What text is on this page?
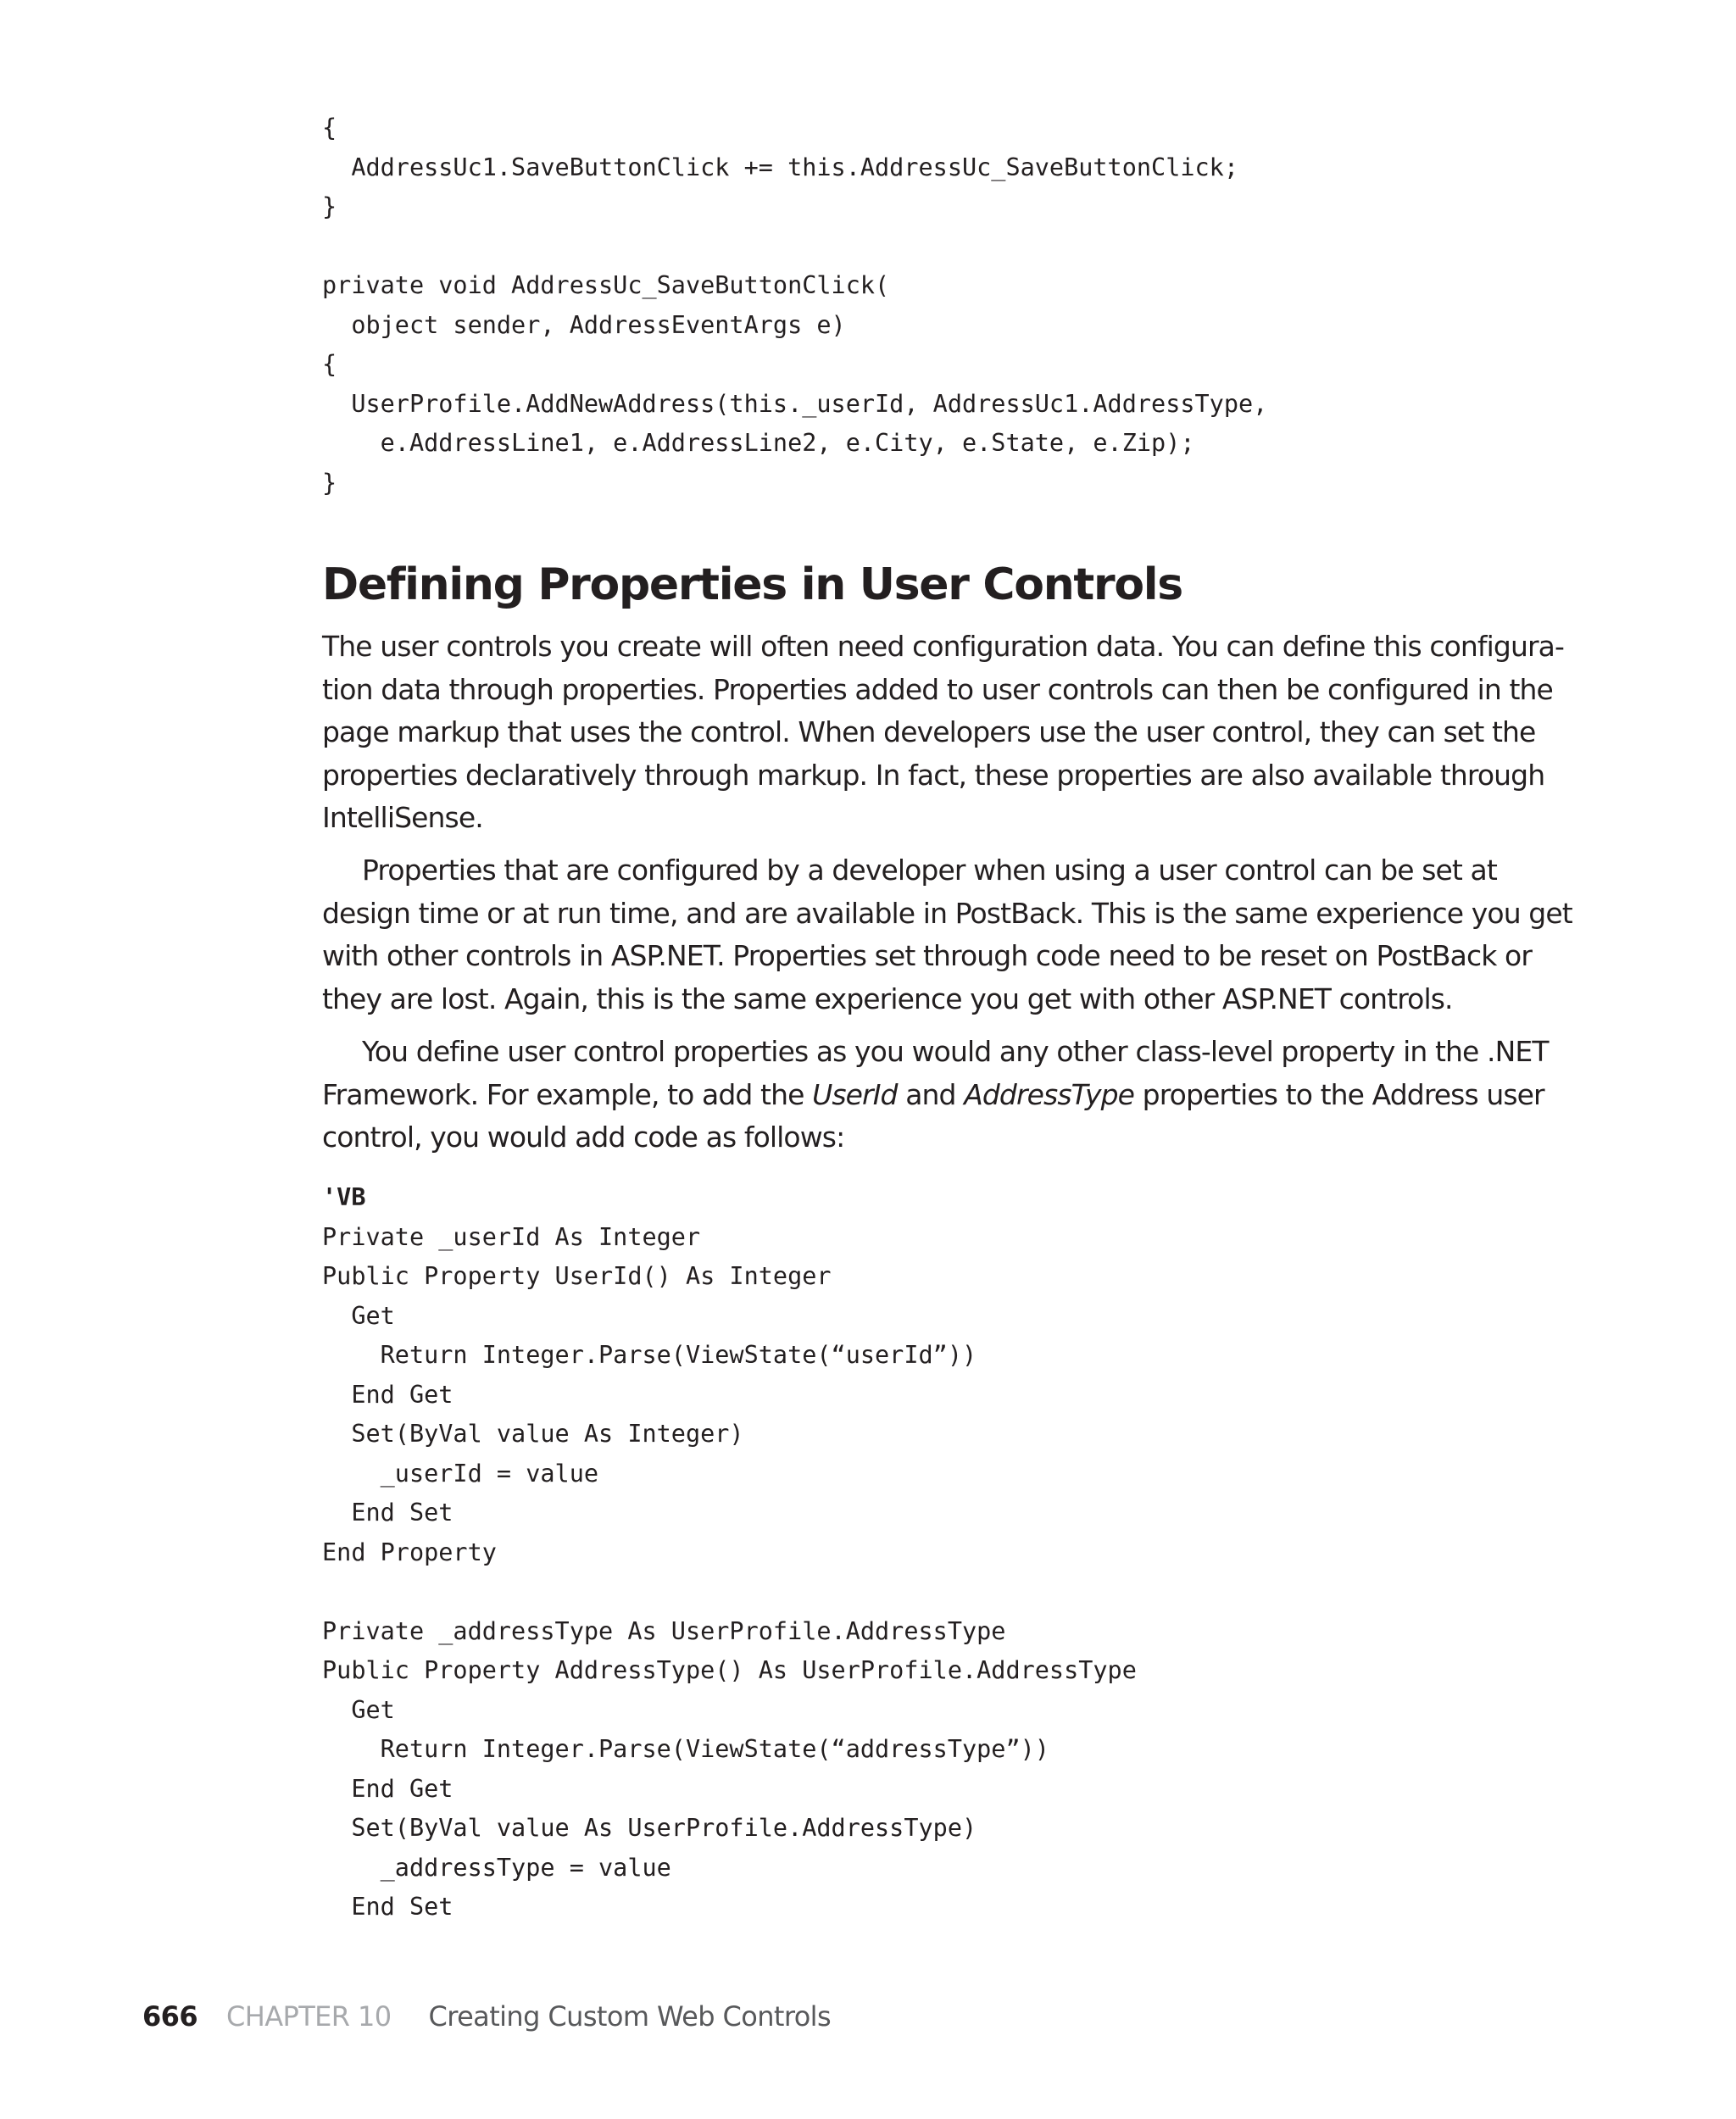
{
AddressUc1.SaveButtonClick += this.AddressUc_SaveButtonClick;
}
private void AddressUc_SaveButtonClick(
object sender, AddressEventArgs e)
{
UserProfile.AddNewAddress(this._userId, AddressUc1.AddressType,
e.AddressLine1, e.AddressLine2, e.City, e.State, e.Zip);
}
Defining Properties in User Controls
The user controls you create will often need configuration data. You can define this configura-
tion data through properties. Properties added to user controls can then be configured in the
page markup that uses the control. When developers use the user control, they can set the
properties declaratively through markup. In fact, these properties are also available through
IntelliSense.
Properties that are configured by a developer when using a user control can be set at
design time or at run time, and are available in PostBack. This is the same experience you get
with other controls in ASP.NET. Properties set through code need to be reset on PostBack or
they are lost. Again, this is the same experience you get with other ASP.NET controls.
You define user control properties as you would any other class-level property in the .NET
Framework. For example, to add the UserId and AddressType properties to the Address user
control, you would add code as follows:
'VB
Private _userId As Integer
Public Property UserId() As Integer
Get
Return Integer.Parse(ViewState(“userId”))
End Get
Set(ByVal value As Integer)
_userId = value
End Set
End Property
Private _addressType As UserProfile.AddressType
Public Property AddressType() As UserProfile.AddressType
Get
Return Integer.Parse(ViewState(“addressType”))
End Get
Set(ByVal value As UserProfile.AddressType)
_addressType = value
End Set
666 CHAPTER 10 Creating Custom Web Controls
